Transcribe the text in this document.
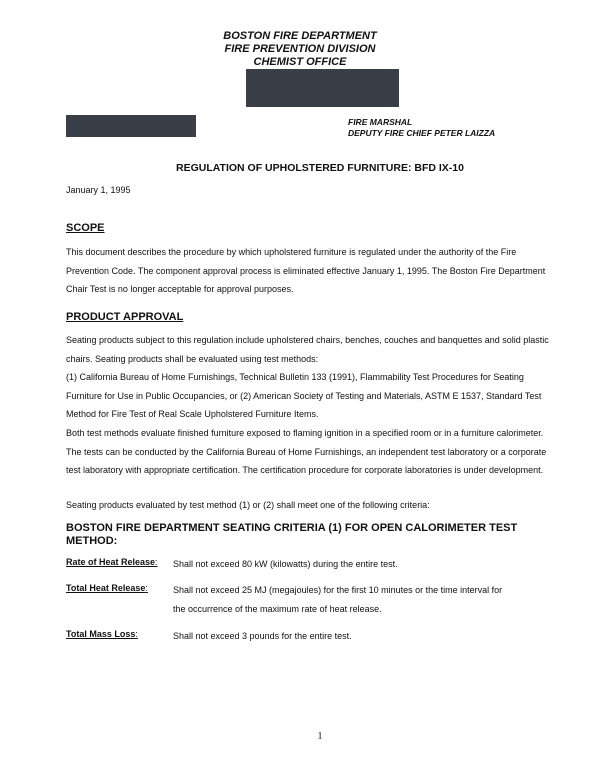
BOSTON FIRE DEPARTMENT
FIRE PREVENTION DIVISION
CHEMIST OFFICE
FIRE MARSHAL
DEPUTY FIRE CHIEF PETER LAIZZA
REGULATION OF UPHOLSTERED FURNITURE: BFD IX-10
January 1, 1995
SCOPE
This document describes the procedure by which upholstered furniture is regulated under the authority of the Fire Prevention Code. The component approval process is eliminated effective January 1, 1995. The Boston Fire Department Chair Test is no longer acceptable for approval purposes.
PRODUCT APPROVAL
Seating products subject to this regulation include upholstered chairs, benches, couches and banquettes and solid plastic chairs. Seating products shall be evaluated using test methods:
(1) California Bureau of Home Furnishings, Technical Bulletin 133 (1991), Flammability Test Procedures for Seating Furniture for Use in Public Occupancies, or (2) American Society of Testing and Materials, ASTM E 1537, Standard Test Method for Fire Test of Real Scale Upholstered Furniture Items.
Both test methods evaluate finished furniture exposed to flaming ignition in a specified room or in a furniture calorimeter. The tests can be conducted by the California Bureau of Home Furnishings, an independent test laboratory or a corporate test laboratory with appropriate certification. The certification procedure for corporate laboratories is under development.
Seating products evaluated by test method (1) or (2) shall meet one of the following criteria:
BOSTON FIRE DEPARTMENT SEATING CRITERIA (1) FOR OPEN CALORIMETER TEST METHOD:
Rate of Heat Release: Shall not exceed 80 kW (kilowatts) during the entire test.
Total Heat Release:	Shall not exceed 25 MJ (megajoules) for the first 10 minutes or the time interval for the occurrence of the maximum rate of heat release.
Total Mass Loss:	Shall not exceed 3 pounds for the entire test.
1
